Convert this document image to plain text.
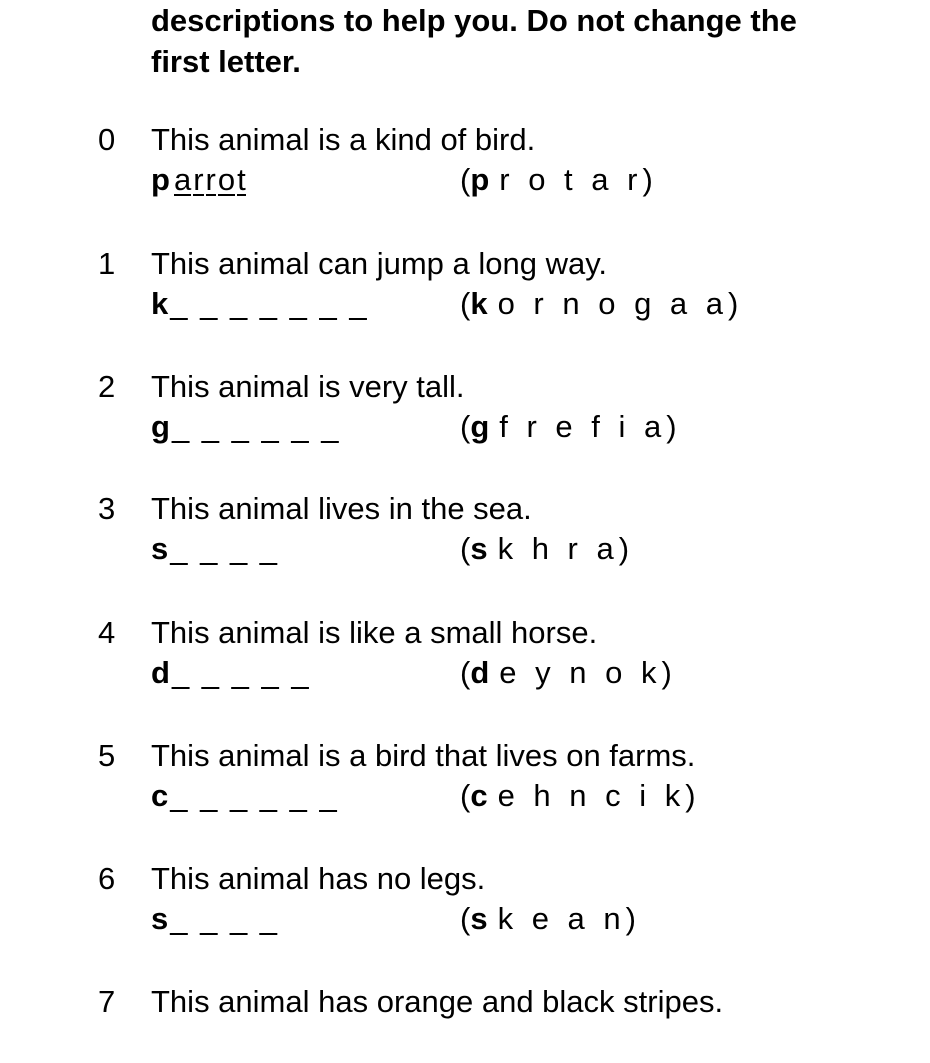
descriptions to help you. Do not change the
first letter.
0 This animal is a kind of bird.
p arrot	(p r o t a r)
1 This animal can jump a long way.
k_ _ _ _ _ _ _	(k o r n o g a a)
2 This animal is very tall.
g_ _ _ _ _ _	(g f r e f i a)
3 This animal lives in the sea.
s_ _ _ _	(s k h r a)
4 This animal is like a small horse.
d_ _ _ _ _	(d e y n o k)
5 This animal is a bird that lives on farms.
c_ _ _ _ _ _	(c e h n c i k)
6 This animal has no legs.
s_ _ _ _	(s k e a n)
7 This animal has orange and black stripes.
